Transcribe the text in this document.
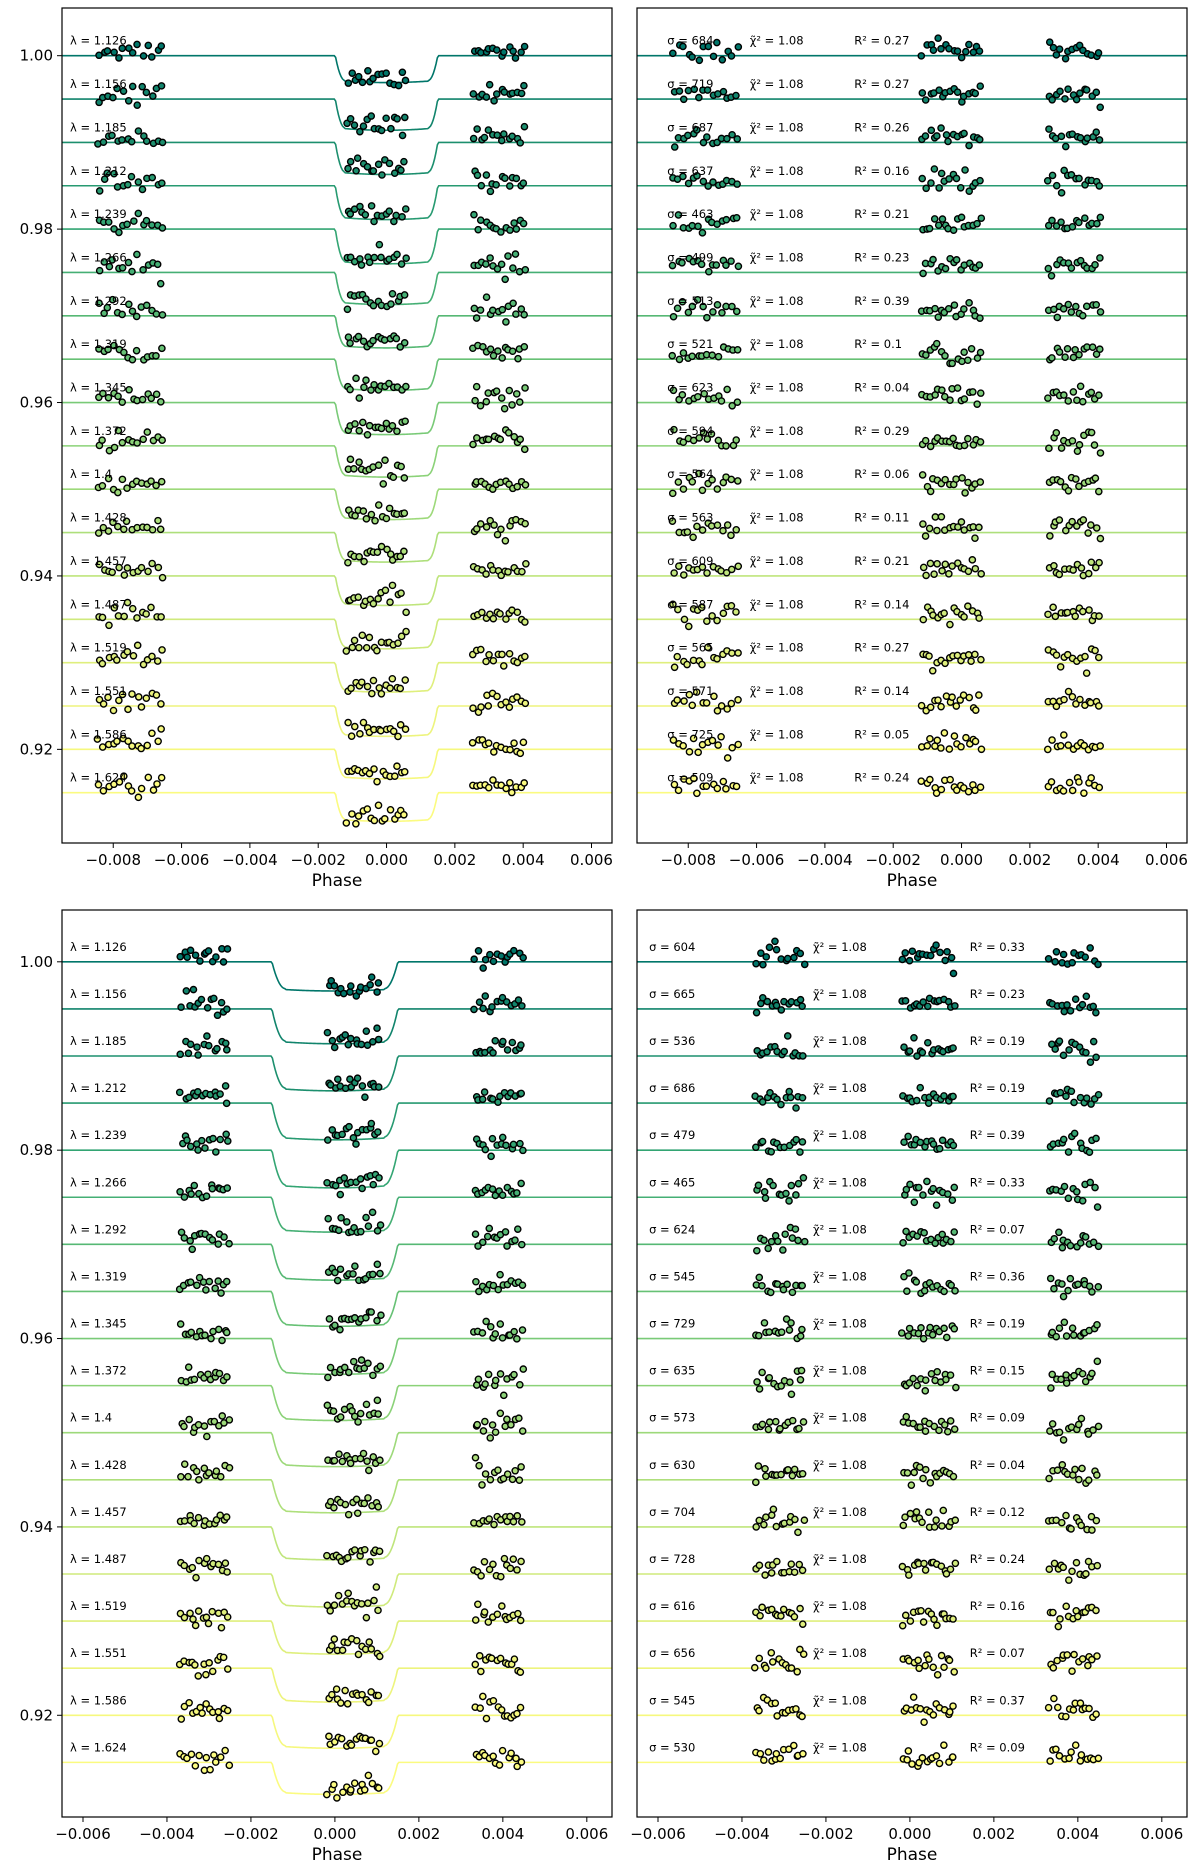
λ = 1.126
λ = 1.156
λ = 1.185
λ = 1.212
λ = 1.239
λ = 1.266
λ = 1.292
λ = 1.319
λ = 1.345
λ = 1.372
λ = 1.4
λ = 1.428
λ = 1.457
λ = 1.487
λ = 1.519
λ = 1.551
λ = 1.586
λ = 1.624
−0.008 −0.006 −0.004 −0.002 0.000 0.002 0.004 0.006
Phase
1.00
0.98
0.96
0.94
0.92
σ = 684	χ̃² = 1.08	R² = 0.27
σ = 719	χ̃² = 1.08	R² = 0.27
σ = 687	χ̃² = 1.08	R² = 0.26
σ = 637	χ̃² = 1.08	R² = 0.16
σ = 463	χ̃² = 1.08	R² = 0.21
σ = 499	χ̃² = 1.08	R² = 0.23
σ = 513	χ̃² = 1.08	R² = 0.39
σ = 521	χ̃² = 1.08	R² = 0.1
σ = 623	χ̃² = 1.08	R² = 0.04
σ = 594	χ̃² = 1.08	R² = 0.29
σ = 564	χ̃² = 1.08	R² = 0.06
σ = 563	χ̃² = 1.08	R² = 0.11
σ = 609	χ̃² = 1.08	R² = 0.21
σ = 587	χ̃² = 1.08	R² = 0.14
σ = 565	χ̃² = 1.08	R² = 0.27
σ = 571	χ̃² = 1.08	R² = 0.14
σ = 725	χ̃² = 1.08	R² = 0.05
σ = 509	χ̃² = 1.08	R² = 0.24
−0.008 −0.006 −0.004 −0.002 0.000 0.002 0.004 0.006
Phase
λ = 1.126
λ = 1.156
λ = 1.185
λ = 1.212
λ = 1.239
λ = 1.266
λ = 1.292
λ = 1.319
λ = 1.345
λ = 1.372
λ = 1.4
λ = 1.428
λ = 1.457
λ = 1.487
λ = 1.519
λ = 1.551
λ = 1.586
λ = 1.624
−0.006 −0.004 −0.002 0.000	0.002	0.004	0.006
Phase
1.00
0.98
0.96
0.94
0.92
σ = 604	χ̃² = 1.08	R² = 0.33
σ = 665	χ̃² = 1.08	R² = 0.23
σ = 536	χ̃² = 1.08	R² = 0.19
σ = 686	χ̃² = 1.08	R² = 0.19
σ = 479	χ̃² = 1.08	R² = 0.39
σ = 465	χ̃² = 1.08	R² = 0.33
σ = 624	χ̃² = 1.08	R² = 0.07
σ = 545	χ̃² = 1.08	R² = 0.36
σ = 729	χ̃² = 1.08	R² = 0.19
σ = 635	χ̃² = 1.08	R² = 0.15
σ = 573	χ̃² = 1.08	R² = 0.09
σ = 630	χ̃² = 1.08	R² = 0.04
σ = 704	χ̃² = 1.08	R² = 0.12
σ = 728	χ̃² = 1.08	R² = 0.24
σ = 616	χ̃² = 1.08	R² = 0.16
σ = 656	χ̃² = 1.08	R² = 0.07
σ = 545	χ̃² = 1.08	R² = 0.37
σ = 530	χ̃² = 1.08	R² = 0.09
−0.006 −0.004 −0.002 0.000	0.002	0.004	0.006
Phase
